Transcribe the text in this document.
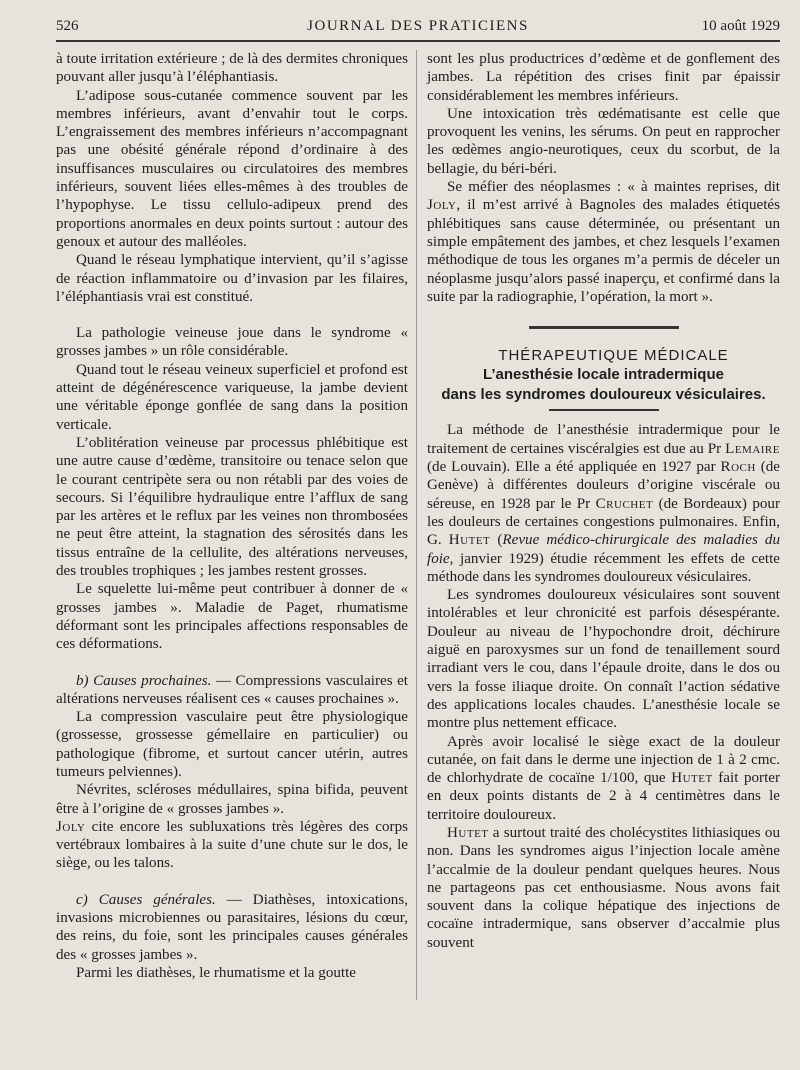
526	JOURNAL DES PRATICIENS	10 août 1929

à toute irritation extérieure ; de là des dermites chroniques pouvant aller jusqu’à l’éléphantiasis.

L’adipose sous-cutanée commence souvent par les membres inférieurs, avant d’envahir tout le corps. L’engraissement des membres inférieurs n’accompagnant pas une obésité générale répond d’ordinaire à des insuffisances musculaires ou circulatoires des membres inférieurs, souvent liées elles-mêmes à des troubles de l’hypophyse. Le tissu cellulo-adipeux prend des proportions anormales en deux points surtout : autour des genoux et autour des malléoles.

Quand le réseau lymphatique intervient, qu’il s’agisse de réaction inflammatoire ou d’invasion par les filaires, l’éléphantiasis vrai est constitué.

La pathologie veineuse joue dans le syndrome « grosses jambes » un rôle considérable.

Quand tout le réseau veineux superficiel et profond est atteint de dégénérescence variqueuse, la jambe devient une véritable éponge gonflée de sang dans la position verticale.

L’oblitération veineuse par processus phlébitique est une autre cause d’œdème, transitoire ou tenace selon que le courant centripète sera ou non rétabli par des voies de secours. Si l’équilibre hydraulique entre l’afflux de sang par les artères et le reflux par les veines non thrombosées ne peut être atteint, la stagnation des sérosités dans les tissus entraîne de la cellulite, des altérations nerveuses, des troubles trophiques ; les jambes restent grosses.

Le squelette lui-même peut contribuer à donner de « grosses jambes ». Maladie de Paget, rhumatisme déformant sont les principales affections responsables de ces déformations.

b) Causes prochaines. — Compressions vasculaires et altérations nerveuses réalisent ces « causes prochaines ».

La compression vasculaire peut être physiologique (grossesse, grossesse gémellaire en particulier) ou pathologique (fibrome, et surtout cancer utérin, autres tumeurs pelviennes).

Névrites, scléroses médullaires, spina bifida, peuvent être à l’origine de « grosses jambes ».
Joly cite encore les subluxations très légères des corps vertébraux lombaires à la suite d’une chute sur le dos, le siège, ou les talons.

c) Causes générales. — Diathèses, intoxications, invasions microbiennes ou parasitaires, lésions du cœur, des reins, du foie, sont les principales causes générales des « grosses jambes ».

Parmi les diathèses, le rhumatisme et la goutte

sont les plus productrices d’œdème et de gonflement des jambes. La répétition des crises finit par épaissir considérablement les membres inférieurs.

Une intoxication très œdématisante est celle que provoquent les venins, les sérums. On peut en rapprocher les œdèmes angio-neurotiques, ceux du scorbut, de la bellagie, du béri-béri.

Se méfier des néoplasmes : « à maintes reprises, dit Joly, il m’est arrivé à Bagnoles des malades étiquetés phlébitiques sans cause déterminée, ou présentant un simple empâtement des jambes, et chez lesquels l’examen méthodique de tous les organes m’a permis de déceler un néoplasme jusqu’alors passé inaperçu, et confirmé dans la suite par la radiographie, l’opération, la mort ».

THÉRAPEUTIQUE MÉDICALE

L’anesthésie locale intradermique
dans les syndromes douloureux vésiculaires.

La méthode de l’anesthésie intradermique pour le traitement de certaines viscéralgies est due au Pr Lemaire (de Louvain). Elle a été appliquée en 1927 par Roch (de Genève) à différentes douleurs d’origine viscérale ou séreuse, en 1928 par le Pr Cruchet (de Bordeaux) pour les douleurs de certaines congestions pulmonaires. Enfin, G. Hutet (Revue médico-chirurgicale des maladies du foie, janvier 1929) étudie récemment les effets de cette méthode dans les syndromes douloureux vésiculaires.

Les syndromes douloureux vésiculaires sont souvent intolérables et leur chronicité est parfois désespérante. Douleur au niveau de l’hypochondre droit, déchirure aiguë en paroxysmes sur un fond de tenaillement sourd irradiant vers le cou, dans l’épaule droite, dans le dos ou vers la fosse iliaque droite. On connaît l’action sédative des applications locales chaudes. L’anesthésie locale se montre plus nettement efficace.

Après avoir localisé le siège exact de la douleur cutanée, on fait dans le derme une injection de 1 à 2 cmc. de chlorhydrate de cocaïne 1/100, que Hutet fait porter en deux points distants de 2 à 4 centimètres dans le territoire douloureux.

Hutet a surtout traité des cholécystites lithiasiques ou non. Dans les syndromes aigus l’injection locale amène l’accalmie de la douleur pendant quelques heures. Nous ne partageons pas cet enthousiasme. Nous avons fait souvent dans la colique hépatique des injections de cocaïne intradermique, sans observer d’accalmie plus souvent
